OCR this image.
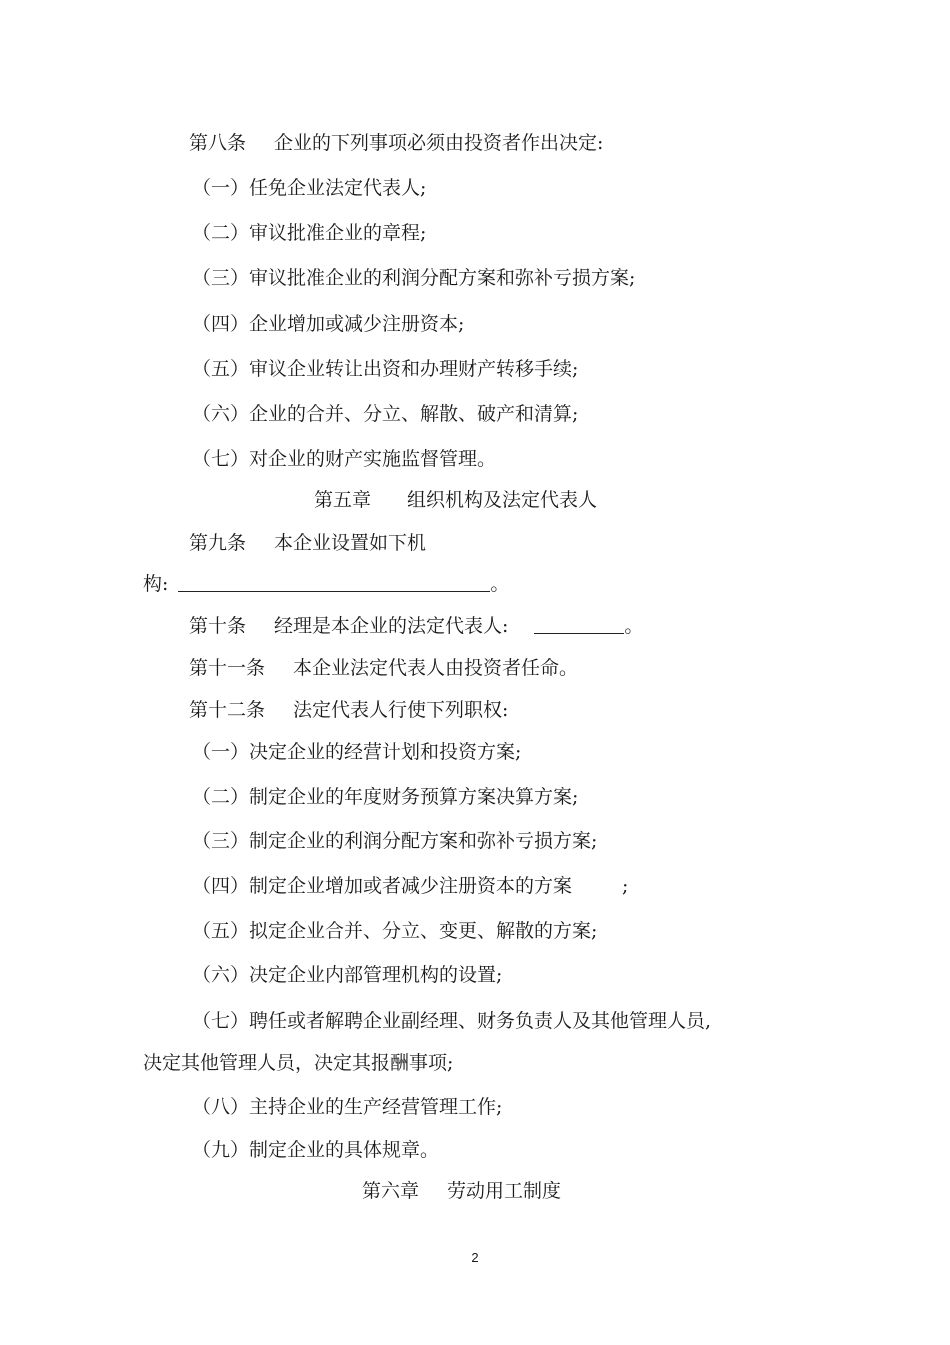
第八条 企业的下列事项必须由投资者作出决定:
（一）任免企业法定代表人;
（二）审议批准企业的章程;
（三）审议批准企业的利润分配方案和弥补亏损方案;
（四）企业增加或减少注册资本;
（五）审议企业转让出资和办理财产转移手续;
（六）企业的合并、分立、解散、破产和清算;
（七）对企业的财产实施监督管理。
第五章 组织机构及法定代表人
第九条 本企业设置如下机
构:	。
第十条 经理是本企业的法定代表人:	。
第十一条 本企业法定代表人由投资者任命。
第十二条 法定代表人行使下列职权:
（一）决定企业的经营计划和投资方案;
（二）制定企业的年度财务预算方案决算方案;
（三）制定企业的利润分配方案和弥补亏损方案;
（四）制定企业增加或者减少注册资本的方案	;
（五）拟定企业合并、分立、变更、解散的方案;
（六）决定企业内部管理机构的设置;
（七）聘任或者解聘企业副经理、财务负责人及其他管理人员,
决定其他管理人员，决定其报酬事项;
（八）主持企业的生产经营管理工作;
（九）制定企业的具体规章。
第六章 劳动用工制度
2
